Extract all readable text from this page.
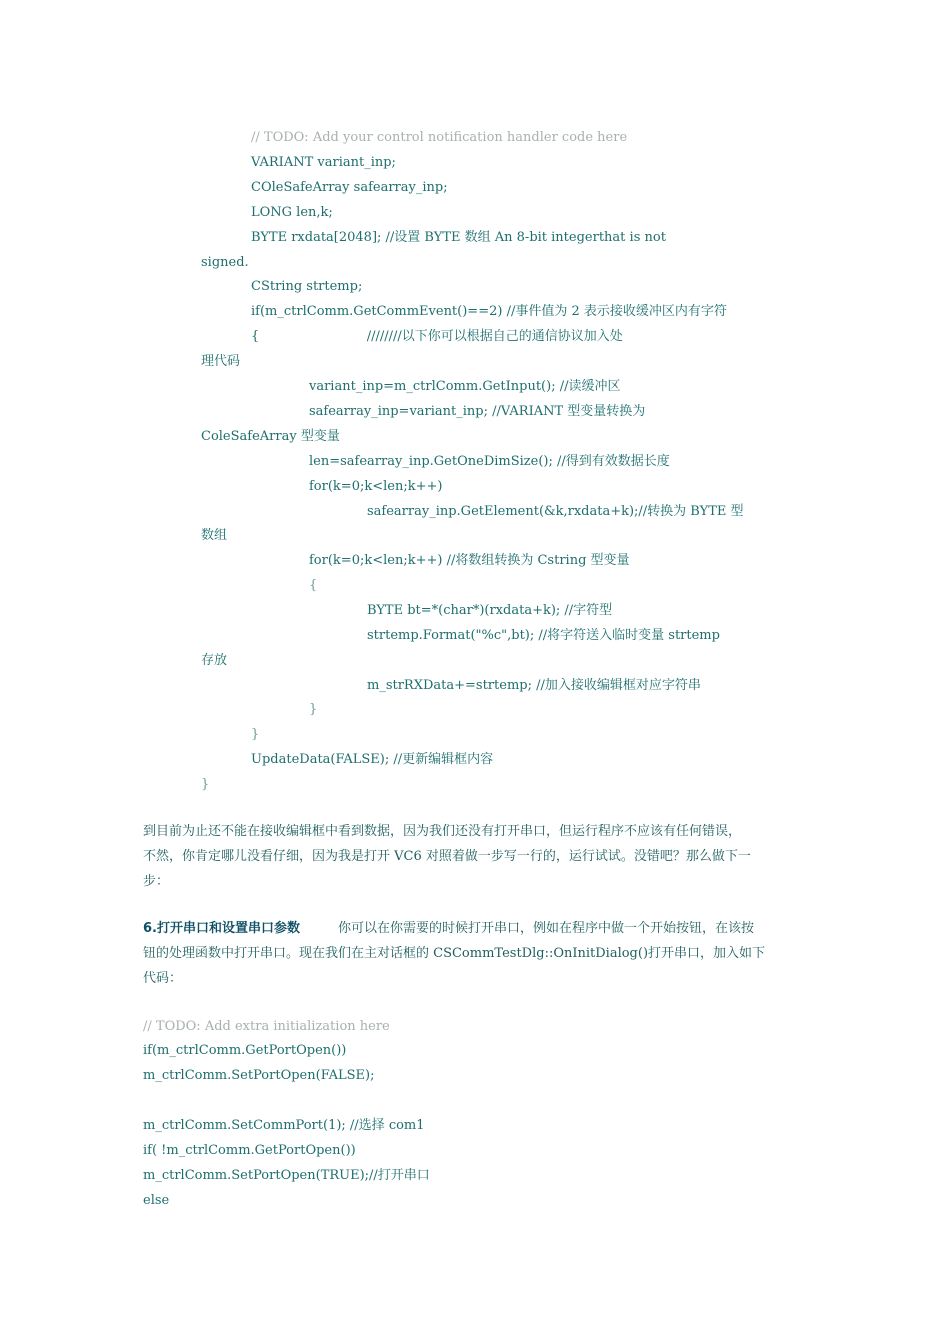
// TODO: Add your control notification handler code here
VARIANT variant_inp;
COleSafeArray safearray_inp;
LONG len,k;
BYTE rxdata[2048]; //设置 BYTE 数组 An 8-bit integerthat is not
signed.
CString strtemp;
if(m_ctrlComm.GetCommEvent()==2) //事件值为 2 表示接收缓冲区内有字符
{                          ////////以下你可以根据自己的通信协议加入处
理代码
variant_inp=m_ctrlComm.GetInput(); //读缓冲区
safearray_inp=variant_inp; //VARIANT 型变量转换为
ColeSafeArray 型变量
len=safearray_inp.GetOneDimSize(); //得到有效数据长度
for(k=0;k<len;k++)
safearray_inp.GetElement(&k,rxdata+k);//转换为 BYTE 型
数组
for(k=0;k<len;k++) //将数组转换为 Cstring 型变量
{
BYTE bt=*(char*)(rxdata+k); //字符型
strtemp.Format("%c",bt); //将字符送入临时变量 strtemp
存放
m_strRXData+=strtemp; //加入接收编辑框对应字符串
}
}
UpdateData(FALSE); //更新编辑框内容
}
到目前为止还不能在接收编辑框中看到数据，因为我们还没有打开串口，但运行程序不应该有任何错误，
不然，你肯定哪儿没看仔细，因为我是打开 VC6 对照着做一步写一行的，运行试试。没错吧？那么做下一
步：
6.打开串口和设置串口参数	你可以在你需要的时候打开串口，例如在程序中做一个开始按钮，在该按
钮的处理函数中打开串口。现在我们在主对话框的 CSCommTestDlg::OnInitDialog()打开串口，加入如下
代码：
// TODO: Add extra initialization here
if(m_ctrlComm.GetPortOpen())
m_ctrlComm.SetPortOpen(FALSE);
m_ctrlComm.SetCommPort(1); //选择 com1
if( !m_ctrlComm.GetPortOpen())
m_ctrlComm.SetPortOpen(TRUE);//打开串口
else
